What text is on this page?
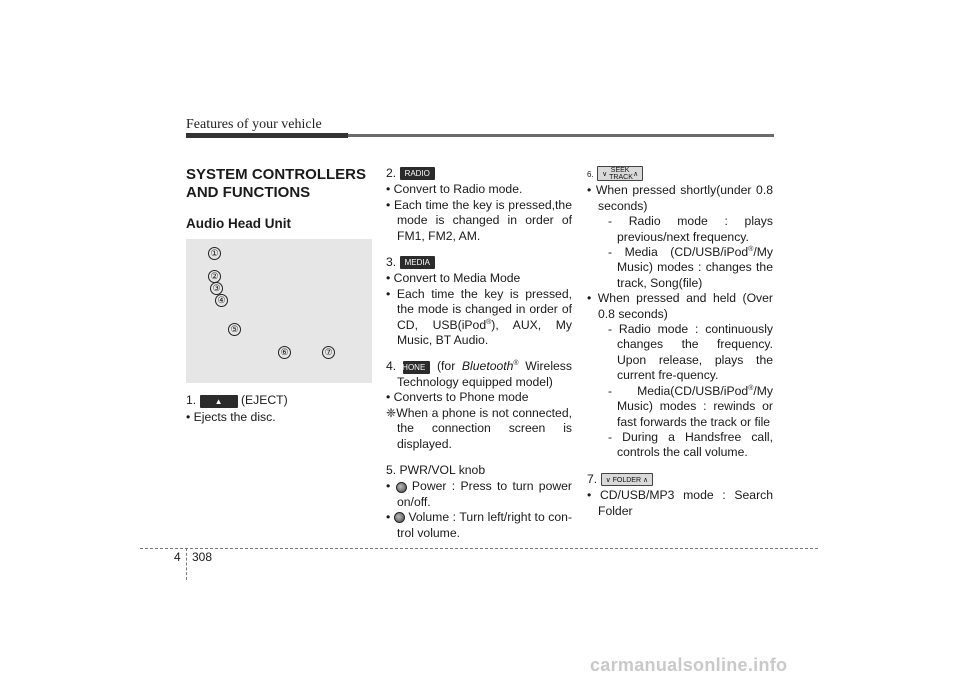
Features of your vehicle
SYSTEM CONTROLLERS AND FUNCTIONS
Audio Head Unit
①
②
③
④
⑤
⑥	⑦
1. ▲ (EJECT)
• Ejects the disc.
2. RADIO
• Convert to Radio mode.
• Each time the key is pressed,the mode is changed in order of FM1, FM2, AM.
3. MEDIA
• Convert to Media Mode
• Each time the key is pressed, the mode is changed in order of CD, USB(iPod®), AUX, My Music, BT Audio.
4. PHONE (for Bluetooth® Wireless Technology equipped model)
• Converts to Phone mode
❈When a phone is not connected, the connection screen is displayed.
5. PWR/VOL knob
•  Power : Press to turn power on/off.
•  Volume : Turn left/right to con-trol volume.
6. ∨ SEEK TRACK ∧
• When pressed shortly(under 0.8 seconds)
- Radio mode : plays previous/next frequency.
- Media (CD/USB/iPod®/My Music) modes : changes the track, Song(file)
• When pressed and held (Over 0.8 seconds)
- Radio mode : continuously changes the frequency. Upon release, plays the current fre-quency.
- Media(CD/USB/iPod®/My Music) modes : rewinds or fast forwards the track or file
- During a Handsfree call, controls the call volume.
7. ∨ FOLDER ∧
• CD/USB/MP3 mode : Search Folder
4 308
carmanualsonline.info
